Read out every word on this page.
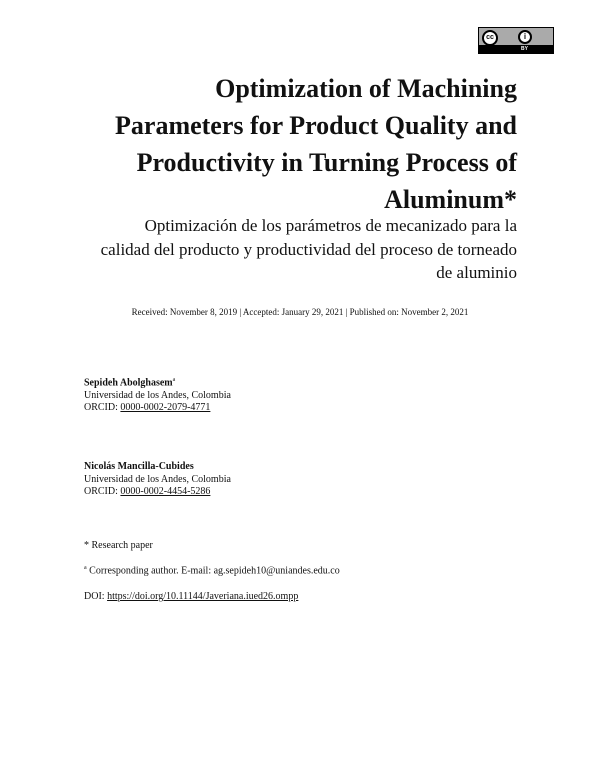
cc	i
BY
Optimization of Machining
Parameters for Product Quality and
Productivity in Turning Process of
Aluminum*
Optimización de los parámetros de mecanizado para la
calidad del producto y productividad del proceso de torneado
de aluminio
Received: November 8, 2019 | Accepted: January 29, 2021 | Published on: November 2, 2021
Sepideh Abolghasem$^a$
Universidad de los Andes, Colombia
ORCID: 0000-0002-2079-4771
Nicolás Mancilla-Cubides
Universidad de los Andes, Colombia
ORCID: 0000-0002-4454-5286
* Research paper
$^a$ Corresponding author. E-mail: ag.sepideh10@uniandes.edu.co
DOI: https://doi.org/10.11144/Javeriana.iued26.ompp
